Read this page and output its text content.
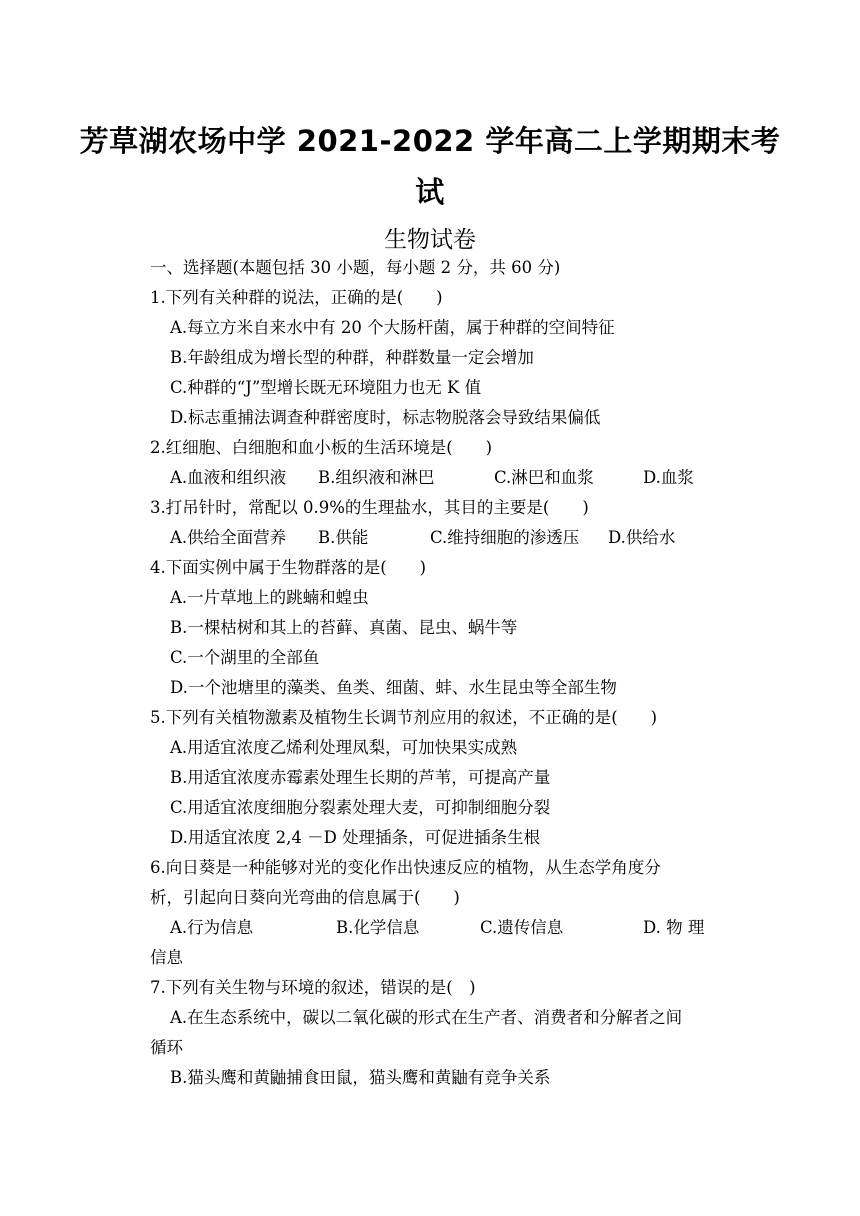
芳草湖农场中学 2021-2022 学年高二上学期期末考
试
生物试卷
一、选择题(本题包括 30 小题，每小题 2 分，共 60 分)
1.下列有关种群的说法，正确的是(　　)
A.每立方米自来水中有 20 个大肠杆菌，属于种群的空间特征
B.年龄组成为增长型的种群，种群数量一定会增加
C.种群的“J”型增长既无环境阻力也无 K 值
D.标志重捕法调查种群密度时，标志物脱落会导致结果偏低
2.红细胞、白细胞和血小板的生活环境是(　　)
A.血液和组织液 B.组织液和淋巴	C.淋巴和血浆	D.血浆
3.打吊针时，常配以 0.9%的生理盐水，其目的主要是(　　)
A.供给全面营养 B.供能	C.维持细胞的渗透压 D.供给水
4.下面实例中属于生物群落的是(　　)
A.一片草地上的跳蝻和蝗虫
B.一棵枯树和其上的苔藓、真菌、昆虫、蜗牛等
C.一个湖里的全部鱼
D.一个池塘里的藻类、鱼类、细菌、蚌、水生昆虫等全部生物
5.下列有关植物激素及植物生长调节剂应用的叙述，不正确的是(　　)
A.用适宜浓度乙烯利处理凤梨，可加快果实成熟
B.用适宜浓度赤霉素处理生长期的芦苇，可提高产量
C.用适宜浓度细胞分裂素处理大麦，可抑制细胞分裂
D.用适宜浓度 2,4 －D 处理插条，可促进插条生根
6.向日葵是一种能够对光的变化作出快速反应的植物，从生态学角度分
析，引起向日葵向光弯曲的信息属于(　　)
A.行为信息	B.化学信息	C.遗传信息	D. 物 理
信息
7.下列有关生物与环境的叙述，错误的是(　)
A.在生态系统中，碳以二氧化碳的形式在生产者、消费者和分解者之间
循环
B.猫头鹰和黄鼬捕食田鼠，猫头鹰和黄鼬有竞争关系
